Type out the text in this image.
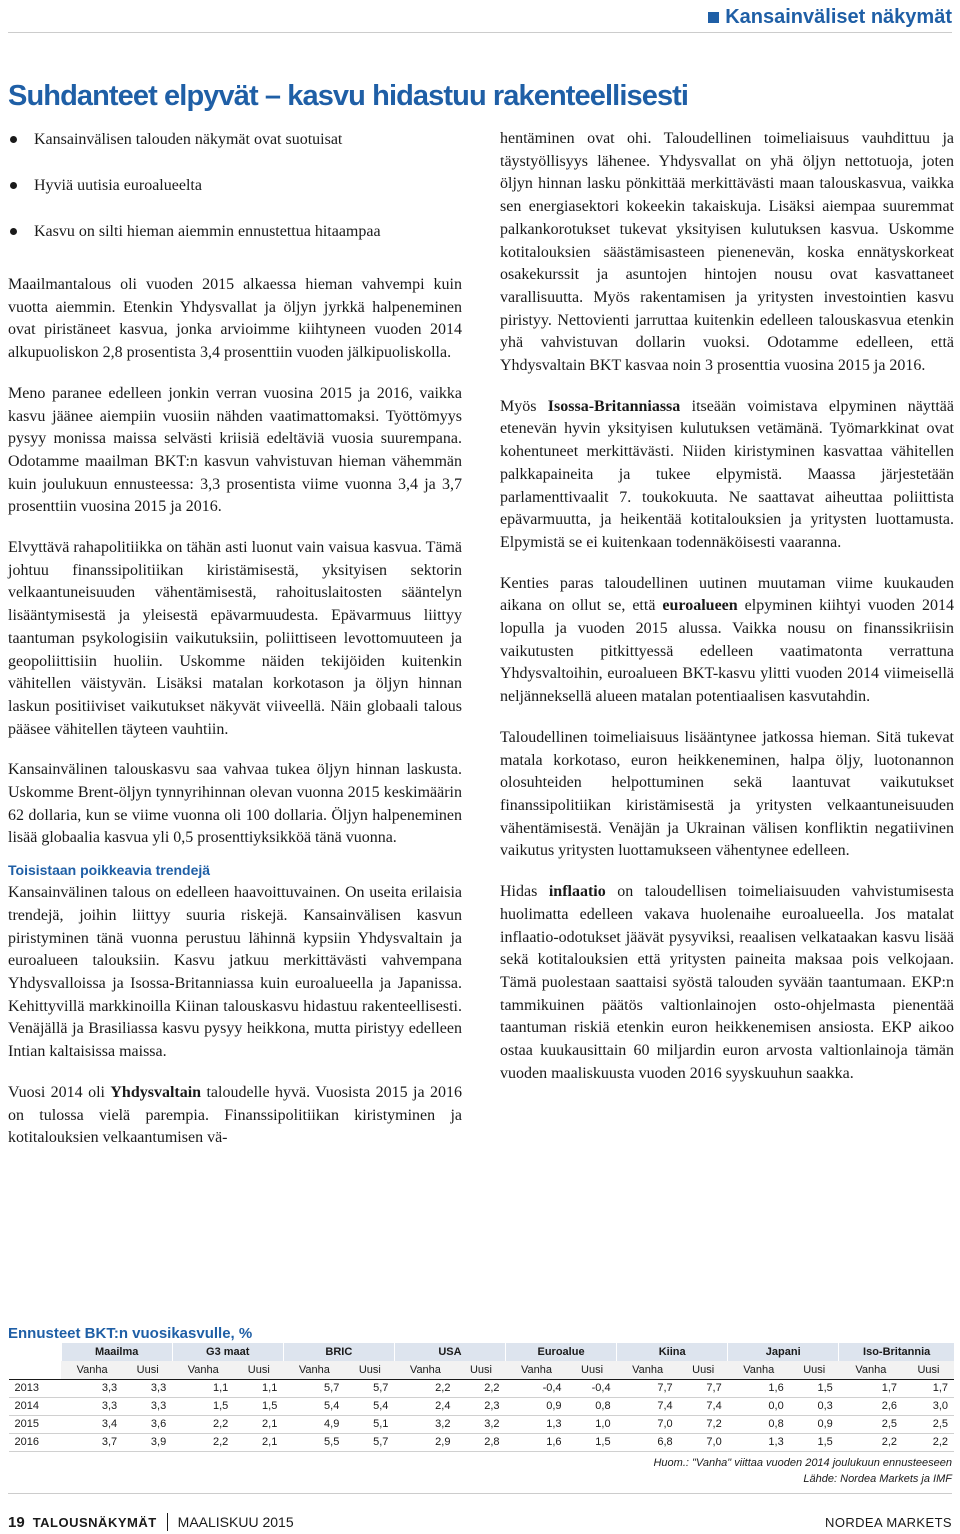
Kansainväliset näkymät
Suhdanteet elpyvät – kasvu hidastuu rakenteellisesti
Kansainvälisen talouden näkymät ovat suotuisat
Hyviä uutisia euroalueelta
Kasvu on silti hieman aiemmin ennustettua hitaampaa

Maailmantalous oli vuoden 2015 alkaessa hieman vahvempi kuin vuotta aiemmin. Etenkin Yhdysvallat ja öljyn jyrkkä halpeneminen ovat piristäneet kasvua, jonka arvioimme kiihtyneen vuoden 2014 alkupuoliskon 2,8 prosentista 3,4 prosenttiin vuoden jälkipuoliskolla.

Meno paranee edelleen jonkin verran vuosina 2015 ja 2016, vaikka kasvu jäänee aiempiin vuosiin nähden vaatimattomaksi. Työttömyys pysyy monissa maissa selvästi kriisiä edeltäviä vuosia suurempana. Odotamme maailman BKT:n kasvun vahvistuvan hieman vähemmän kuin joulukuun ennusteessa: 3,3 prosentista viime vuonna 3,4 ja 3,7 prosenttiin vuosina 2015 ja 2016.

Elvyttävä rahapolitiikka on tähän asti luonut vain vaisua kasvua. Tämä johtuu finanssipolitiikan kiristämisestä, yksityisen sektorin velkaantuneisuuden vähentämisestä, rahoituslaitosten sääntelyn lisääntymisestä ja yleisestä epävarmuudesta. Epävarmuus liittyy taantuman psykologisiin vaikutuksiin, poliittiseen levottomuuteen ja geopoliittisiin huoliin. Uskomme näiden tekijöiden kuitenkin vähitellen väistyvän. Lisäksi matalan korkotason ja öljyn hinnan laskun positiiviset vaikutukset näkyvät viiveellä. Näin globaali talous pääsee vähitellen täyteen vauhtiin.

Kansainvälinen talouskasvu saa vahvaa tukea öljyn hinnan laskusta. Uskomme Brent-öljyn tynnyrihinnan olevan vuonna 2015 keskimäärin 62 dollaria, kun se viime vuonna oli 100 dollaria. Öljyn halpeneminen lisää globaalia kasvua yli 0,5 prosenttiyksikköä tänä vuonna.

Toisistaan poikkeavia trendejä

Kansainvälinen talous on edelleen haavoittuvainen. On useita erilaisia trendejä, joihin liittyy suuria riskejä. Kansainvälisen kasvun piristyminen tänä vuonna perustuu lähinnä kypsiin Yhdysvaltain ja euroalueen talouksiin. Kasvu jatkuu merkittävästi vahvempana Yhdysvalloissa ja Isossa-Britanniassa kuin euroalueella ja Japanissa. Kehittyvillä markkinoilla Kiinan talouskasvu hidastuu rakenteellisesti. Venäjällä ja Brasiliassa kasvu pysyy heikkona, mutta piristyy edelleen Intian kaltaisissa maissa.

Vuosi 2014 oli Yhdysvaltain taloudelle hyvä. Vuosista 2015 ja 2016 on tulossa vielä parempia. Finanssipolitiikan kiristyminen ja kotitalouksien velkaantumisen vä-

hentäminen ovat ohi. Taloudellinen toimeliaisuus vauhdittuu ja täystyöllisyys lähenee. Yhdysvallat on yhä öljyn nettotuoja, joten öljyn hinnan lasku pönkittää merkittävästi maan talouskasvua, vaikka sen energiasektori kokeekin takaiskuja. Lisäksi aiempaa suuremmat palkankorotukset tukevat yksityisen kulutuksen kasvua. Uskomme kotitalouksien säästämisasteen pienenevän, koska ennätyskorkeat osakekurssit ja asuntojen hintojen nousu ovat kasvattaneet varallisuutta. Myös rakentamisen ja yritysten investointien kasvu piristyy. Nettovienti jarruttaa kuitenkin edelleen talouskasvua etenkin yhä vahvistuvan dollarin vuoksi. Odotamme edelleen, että Yhdysvaltain BKT kasvaa noin 3 prosenttia vuosina 2015 ja 2016.

Myös Isossa-Britanniassa itseään voimistava elpyminen näyttää etenevän hyvin yksityisen kulutuksen vetämänä. Työmarkkinat ovat kohentuneet merkittävästi. Niiden kiristyminen kasvattaa vähitellen palkkapaineita ja tukee elpymistä. Maassa järjestetään parlamenttivaalit 7. toukokuuta. Ne saattavat aiheuttaa poliittista epävarmuutta, ja heikentää kotitalouksien ja yritysten luottamusta. Elpymistä se ei kuitenkaan todennäköisesti vaaranna.

Kenties paras taloudellinen uutinen muutaman viime kuukauden aikana on ollut se, että euroalueen elpyminen kiihtyi vuoden 2014 lopulla ja vuoden 2015 alussa. Vaikka nousu on finanssikriisin vaikutusten pitkittyessä edelleen vaatimatonta verrattuna Yhdysvaltoihin, euroalueen BKT-kasvu ylitti vuoden 2014 viimeisellä neljänneksellä alueen matalan potentiaalisen kasvutahdin.

Taloudellinen toimeliaisuus lisääntynee jatkossa hieman. Sitä tukevat matala korkotaso, euron heikkeneminen, halpa öljy, luotonannon olosuhteiden helpottuminen sekä laantuvat vaikutukset finanssipolitiikan kiristämisestä ja yritysten velkaantuneisuuden vähentämisestä. Venäjän ja Ukrainan välisen konfliktin negatiivinen vaikutus yritysten luottamukseen vähentynee edelleen.

Hidas inflaatio on taloudellisen toimeliaisuuden vahvistumisesta huolimatta edelleen vakava huolenaihe euroalueella. Jos matalat inflaatio-odotukset jäävät pysyviksi, reaalisen velkataakan kasvu lisää sekä kotitalouksien että yritysten paineita maksaa pois velkojaan. Tämä puolestaan saattaisi syöstä talouden syvään taantumaan. EKP:n tammikuinen päätös valtionlainojen osto-ohjelmasta pienentää taantuman riskiä etenkin euron heikkenemisen ansiosta. EKP aikoo ostaa kuukausittain 60 miljardin euron arvosta valtionlainoja tämän vuoden maaliskuusta vuoden 2016 syyskuuhun saakka.

Ennusteet BKT:n vuosikasvulle, %
	Maailma		G3 maat		BRIC		USA		Euroalue		Kiina		Japani		Iso-Britannia	
	Vanha	Uusi	Vanha	Uusi	Vanha	Uusi	Vanha	Uusi	Vanha	Uusi	Vanha	Uusi	Vanha	Uusi	Vanha	Uusi
2013	3,3	3,3	1,1	1,1	5,7	5,7	2,2	2,2	-0,4	-0,4	7,7	7,7	1,6	1,5	1,7	1,7
2014	3,3	3,3	1,5	1,5	5,4	5,4	2,4	2,3	0,9	0,8	7,4	7,4	0,0	0,3	2,6	3,0
2015	3,4	3,6	2,2	2,1	4,9	5,1	3,2	3,2	1,3	1,0	7,0	7,2	0,8	0,9	2,5	2,5
2016	3,7	3,9	2,2	2,1	5,5	5,7	2,9	2,8	1,6	1,5	6,8	7,0	1,3	1,5	2,2	2,2
Huom.: "Vanha" viittaa vuoden 2014 joulukuun ennusteeseen
Lähde: Nordea Markets ja IMF
19 TALOUSNÄKYMÄT MAALISKUU 2015	NORDEA MARKETS
